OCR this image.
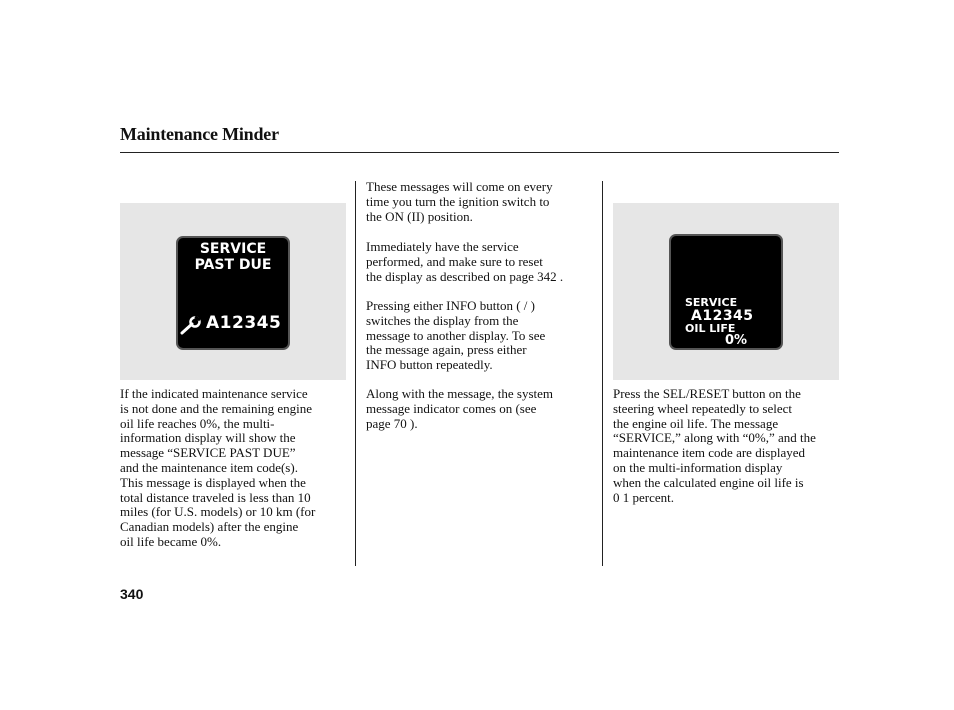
Maintenance Minder
SERVICE
PAST DUE
A12345
SERVICE
A12345
OIL LIFE
0%
If the indicated maintenance service
is not done and the remaining engine
oil life reaches 0%, the multi-
information display will show the
message “SERVICE PAST DUE”
and the maintenance item code(s).
This message is displayed when the
total distance traveled is less than 10
miles (for U.S. models) or 10 km (for
Canadian models) after the engine
oil life became 0%.
These messages will come on every
time you turn the ignition switch to
the ON (II) position.
Immediately have the service
performed, and make sure to reset
the display as described on page 342 .
Pressing either INFO button ( / )
switches the display from the
message to another display. To see
the message again, press either
INFO button repeatedly.
Along with the message, the system
message indicator comes on (see
page 70 ).
Press the SEL/RESET button on the
steering wheel repeatedly to select
the engine oil life. The message
“SERVICE,” along with “0%,” and the
maintenance item code are displayed
on the multi-information display
when the calculated engine oil life is
0 1 percent.
340
